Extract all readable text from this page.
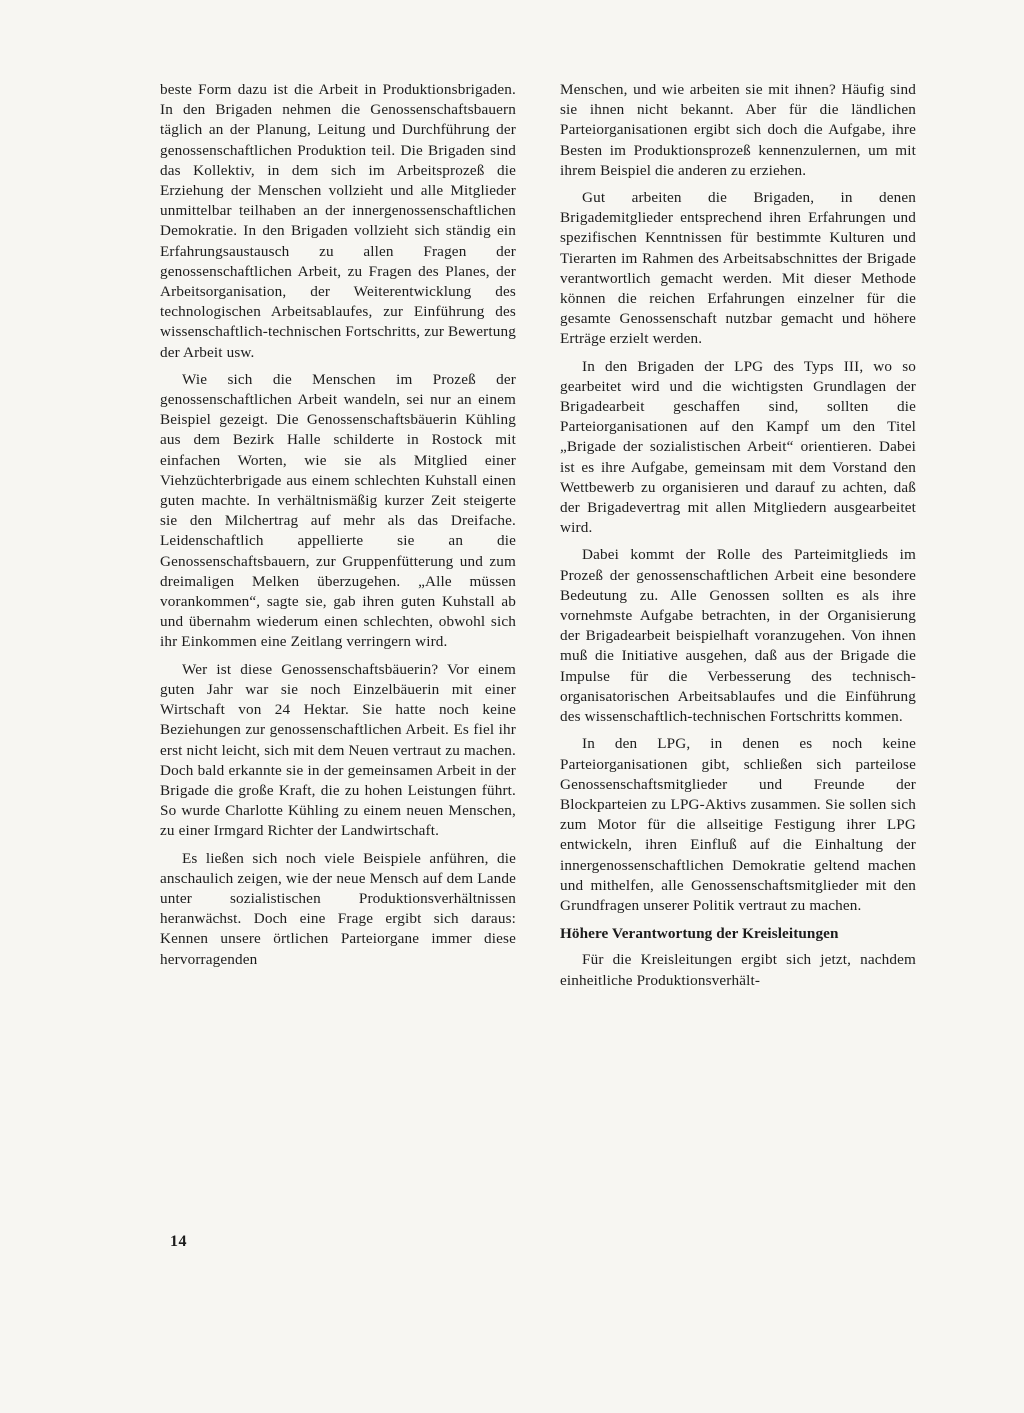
beste Form dazu ist die Arbeit in Produktionsbrigaden. In den Brigaden nehmen die Genossenschaftsbauern täglich an der Planung, Leitung und Durchführung der genossenschaftlichen Produktion teil. Die Brigaden sind das Kollektiv, in dem sich im Arbeitsprozeß die Erziehung der Menschen vollzieht und alle Mitglieder unmittelbar teilhaben an der innergenossenschaftlichen Demokratie. In den Brigaden vollzieht sich ständig ein Erfahrungsaustausch zu allen Fragen der genossenschaftlichen Arbeit, zu Fragen des Planes, der Arbeitsorganisation, der Weiterentwicklung des technologischen Arbeitsablaufes, zur Einführung des wissenschaftlich-technischen Fortschritts, zur Bewertung der Arbeit usw.

Wie sich die Menschen im Prozeß der genossenschaftlichen Arbeit wandeln, sei nur an einem Beispiel gezeigt. Die Genossenschaftsbäuerin Kühling aus dem Bezirk Halle schilderte in Rostock mit einfachen Worten, wie sie als Mitglied einer Viehzüchterbrigade aus einem schlechten Kuhstall einen guten machte. In verhältnismäßig kurzer Zeit steigerte sie den Milchertrag auf mehr als das Dreifache. Leidenschaftlich appellierte sie an die Genossenschaftsbauern, zur Gruppenfütterung und zum dreimaligen Melken überzugehen. „Alle müssen vorankommen“, sagte sie, gab ihren guten Kuhstall ab und übernahm wiederum einen schlechten, obwohl sich ihr Einkommen eine Zeitlang verringern wird.

Wer ist diese Genossenschaftsbäuerin? Vor einem guten Jahr war sie noch Einzelbäuerin mit einer Wirtschaft von 24 Hektar. Sie hatte noch keine Beziehungen zur genossenschaftlichen Arbeit. Es fiel ihr erst nicht leicht, sich mit dem Neuen vertraut zu machen. Doch bald erkannte sie in der gemeinsamen Arbeit in der Brigade die große Kraft, die zu hohen Leistungen führt. So wurde Charlotte Kühling zu einem neuen Menschen, zu einer Irmgard Richter der Landwirtschaft.

Es ließen sich noch viele Beispiele anführen, die anschaulich zeigen, wie der neue Mensch auf dem Lande unter sozialistischen Produktionsverhältnissen heranwächst. Doch eine Frage ergibt sich daraus: Kennen unsere örtlichen Parteiorgane immer diese hervorragenden

Menschen, und wie arbeiten sie mit ihnen? Häufig sind sie ihnen nicht bekannt. Aber für die ländlichen Parteiorganisationen ergibt sich doch die Aufgabe, ihre Besten im Produktionsprozeß kennenzulernen, um mit ihrem Beispiel die anderen zu erziehen.

Gut arbeiten die Brigaden, in denen Brigademitglieder entsprechend ihren Erfahrungen und spezifischen Kenntnissen für bestimmte Kulturen und Tierarten im Rahmen des Arbeitsabschnittes der Brigade verantwortlich gemacht werden. Mit dieser Methode können die reichen Erfahrungen einzelner für die gesamte Genossenschaft nutzbar gemacht und höhere Erträge erzielt werden.

In den Brigaden der LPG des Typs III, wo so gearbeitet wird und die wichtigsten Grundlagen der Brigadearbeit geschaffen sind, sollten die Parteiorganisationen auf den Kampf um den Titel „Brigade der sozialistischen Arbeit“ orientieren. Dabei ist es ihre Aufgabe, gemeinsam mit dem Vorstand den Wettbewerb zu organisieren und darauf zu achten, daß der Brigadevertrag mit allen Mitgliedern ausgearbeitet wird.

Dabei kommt der Rolle des Parteimitglieds im Prozeß der genossenschaftlichen Arbeit eine besondere Bedeutung zu. Alle Genossen sollten es als ihre vornehmste Aufgabe betrachten, in der Organisierung der Brigadearbeit beispielhaft voranzugehen. Von ihnen muß die Initiative ausgehen, daß aus der Brigade die Impulse für die Verbesserung des technisch-organisatorischen Arbeitsablaufes und die Einführung des wissenschaftlich-technischen Fortschritts kommen.

In den LPG, in denen es noch keine Parteiorganisationen gibt, schließen sich parteilose Genossenschaftsmitglieder und Freunde der Blockparteien zu LPG-Aktivs zusammen. Sie sollen sich zum Motor für die allseitige Festigung ihrer LPG entwickeln, ihren Einfluß auf die Einhaltung der innergenossenschaftlichen Demokratie geltend machen und mithelfen, alle Genossenschaftsmitglieder mit den Grundfragen unserer Politik vertraut zu machen.

Höhere Verantwortung der Kreisleitungen

Für die Kreisleitungen ergibt sich jetzt, nachdem einheitliche Produktionsverhält-

14
